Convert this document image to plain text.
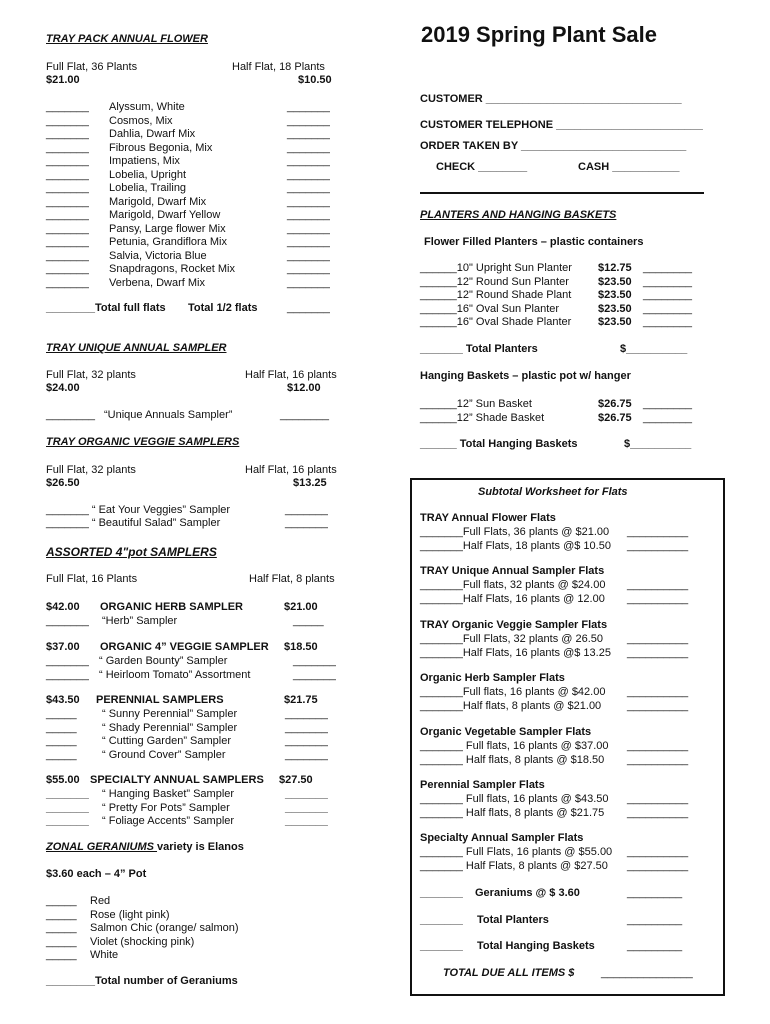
TRAY PACK ANNUAL FLOWER
Full Flat, 36 Plants	Half Flat, 18 Plants
$21.00	$10.50
_______ Alyssum, White	_______
_______ Cosmos, Mix	_______
_______ Dahlia, Dwarf Mix	_______
_______ Fibrous Begonia, Mix	_______
_______ Impatiens, Mix	_______
_______ Lobelia, Upright	_______
_______ Lobelia, Trailing	_______
_______ Marigold, Dwarf Mix	_______
_______ Marigold, Dwarf Yellow	_______
_______ Pansy, Large flower Mix	_______
_______ Petunia, Grandiflora Mix	_______
_______ Salvia, Victoria Blue	_______
_______ Snapdragons, Rocket Mix	_______
_______ Verbena, Dwarf Mix	_______
________Total full flats Total 1/2 flats	_______
TRAY UNIQUE ANNUAL SAMPLER
Full Flat, 32 plants	Half Flat, 16 plants
$24.00	$12.00
________ “Unique Annuals Sampler”	________
TRAY ORGANIC VEGGIE SAMPLERS
Full Flat, 32 plants	Half Flat, 16 plants
$26.50	$13.25
_______ “ Eat Your Veggies” Sampler	_______
_______ “ Beautiful Salad” Sampler	_______
ASSORTED 4"pot SAMPLERS
Full Flat, 16 Plants	Half Flat, 8 plants
$42.00 ORGANIC HERB SAMPLER	$21.00
_______ “Herb” Sampler	_____
$37.00 ORGANIC 4” VEGGIE SAMPLER $18.50
_______ “ Garden Bounty” Sampler	_______
_______ “ Heirloom Tomato” Assortment	_______
$43.50 PERENNIAL SAMPLERS	$21.75
_____ “ Sunny Perennial” Sampler	_______
_____ “ Shady Perennial” Sampler	_______
_____ “ Cutting Garden” Sampler	_______
_____ “ Ground Cover” Sampler	_______
$55.00 SPECIALTY ANNUAL SAMPLERS $27.50
_______ “ Hanging Basket” Sampler	_______
_______ “ Pretty For Pots” Sampler	_______
_______ “ Foliage Accents” Sampler	_______
ZONAL GERANIUMS variety is Elanos
$3.60 each – 4” Pot
_____ Red
_____ Rose (light pink)
_____ Salmon Chic (orange/ salmon)
_____ Violet (shocking pink)
_____ White
________Total number of Geraniums
2019 Spring Plant Sale
CUSTOMER ________________________________
CUSTOMER TELEPHONE ________________________
ORDER TAKEN BY ___________________________
CHECK ________	CASH ___________
PLANTERS AND HANGING BASKETS
Flower Filled Planters – plastic containers
______10" Upright Sun Planter $12.75 ________
______12" Round Sun Planter	$23.50 ________
______12" Round Shade Plant $23.50 ________
______16" Oval Sun Planter	$23.50 ________
______16" Oval Shade Planter $23.50 ________
_______ Total Planters	$__________
Hanging Baskets – plastic pot w/ hanger
______12” Sun Basket	$26.75 ________
______12” Shade Basket	$26.75 ________
______ Total Hanging Baskets	$__________
Subtotal Worksheet for Flats
TRAY Annual Flower Flats
_______Full Flats, 36 plants @ $21.00 __________
_______Half Flats, 18 plants @$ 10.50 __________
TRAY Unique Annual Sampler Flats
_______Full flats, 32 plants @ $24.00 __________
_______Half Flats, 16 plants @ 12.00 __________
TRAY Organic Veggie Sampler Flats
_______Full Flats, 32 plants @ 26.50 __________
_______Half Flats, 16 plants @$ 13.25 __________
Organic Herb Sampler Flats
_______Full flats, 16 plants @ $42.00 __________
_______Half flats, 8 plants @ $21.00 __________
Organic Vegetable Sampler Flats
_______ Full flats, 16 plants @ $37.00 __________
_______ Half flats, 8 plants @ $18.50 __________
Perennial Sampler Flats
_______ Full flats, 16 plants @ $43.50 __________
_______ Half flats, 8 plants @ $21.75 __________
Specialty Annual Sampler Flats
_______ Full Flats, 16 plants @ $55.00 __________
_______ Half Flats, 8 plants @ $27.50 __________
_______ Geraniums @ $ 3.60	_________
_______ Total Planters	_________
_______ Total Hanging Baskets	_________
TOTAL DUE ALL ITEMS $ _______________
